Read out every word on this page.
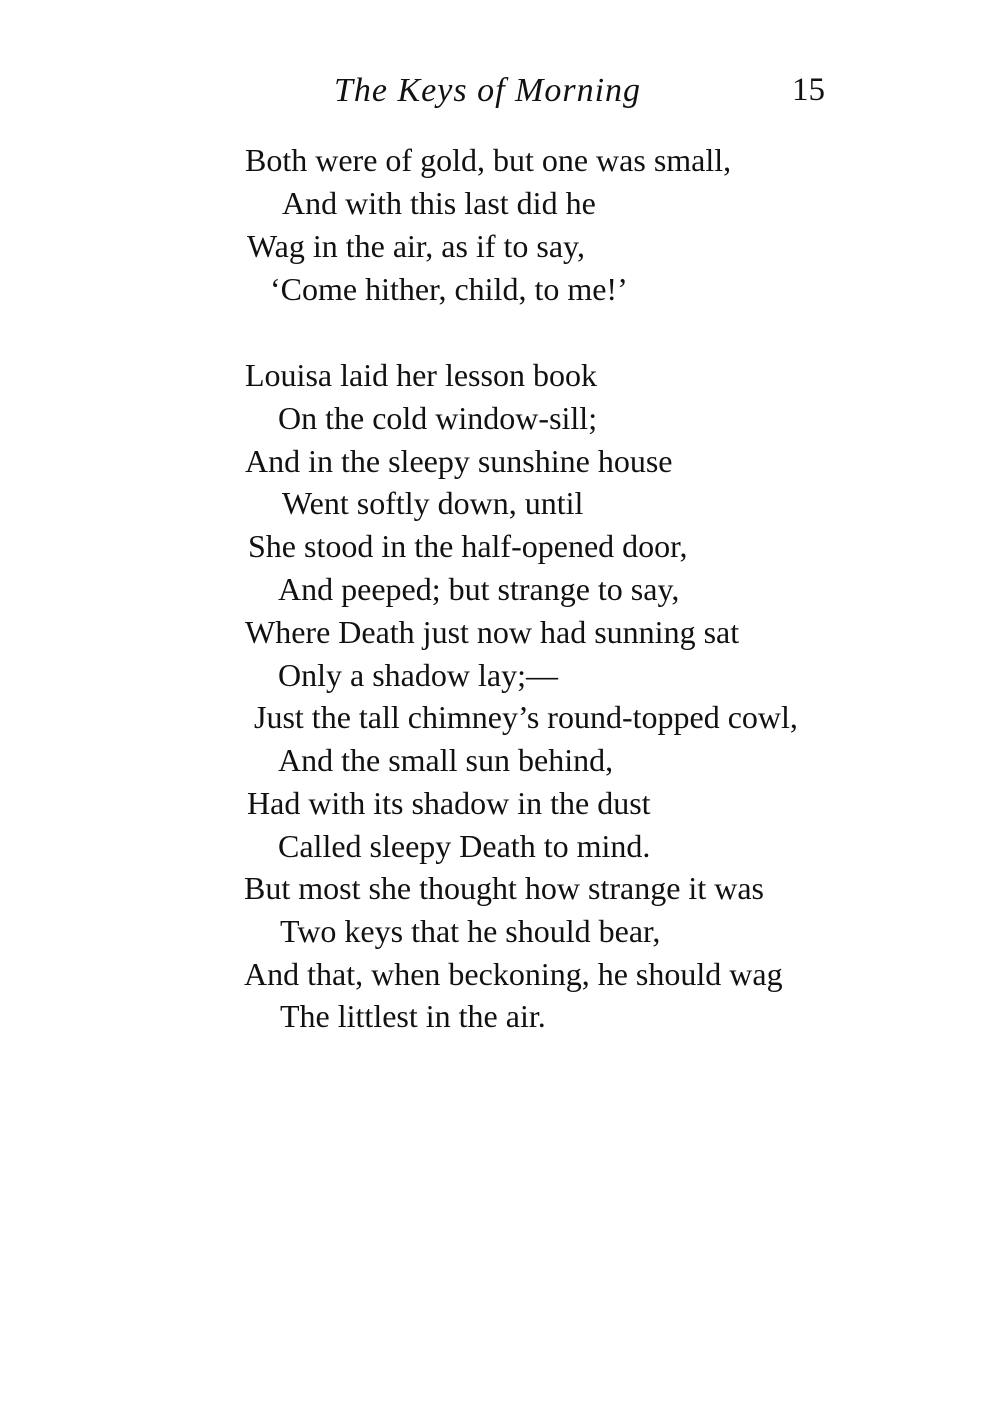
The Keys of Morning	15
Both were of gold, but one was small,
And with this last did he
Wag in the air, as if to say,
‘Come hither, child, to me!’
Louisa laid her lesson book
On the cold window-sill;
And in the sleepy sunshine house
Went softly down, until
She stood in the half-opened door,
And peeped; but strange to say,
Where Death just now had sunning sat
Only a shadow lay;—
Just the tall chimney’s round-topped cowl,
And the small sun behind,
Had with its shadow in the dust
Called sleepy Death to mind.
But most she thought how strange it was
Two keys that he should bear,
And that, when beckoning, he should wag
The littlest in the air.
